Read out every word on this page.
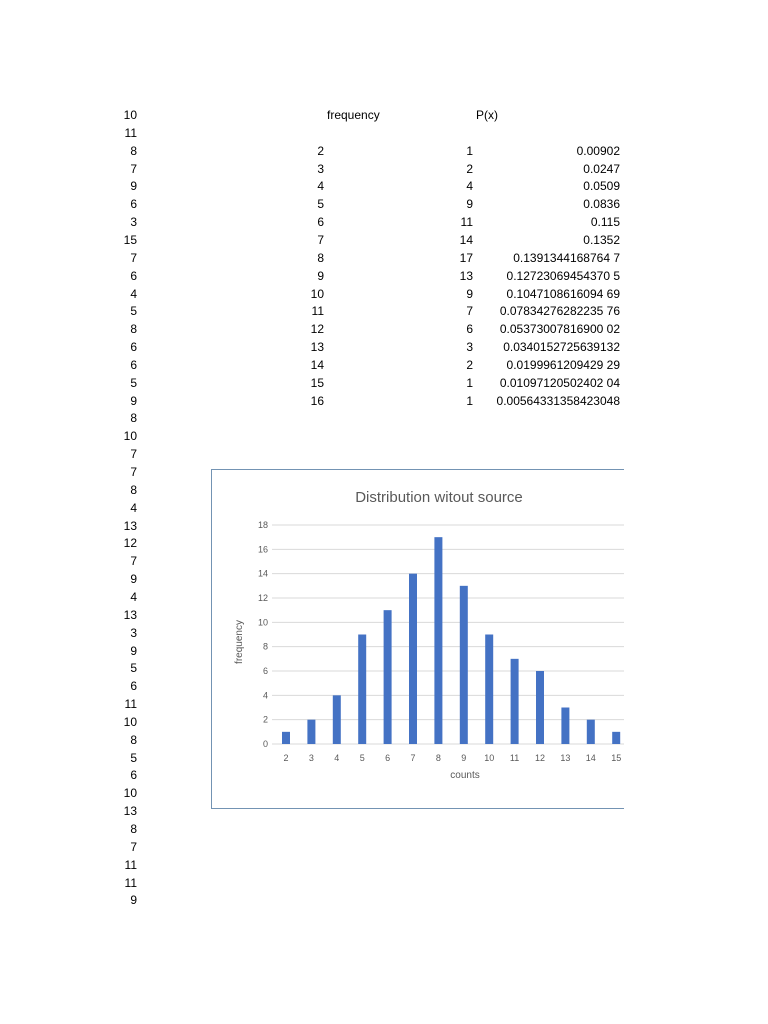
10
11
8
7
9
6
3
15
7
6
4
5
8
6
6
5
9
8
10
7
7
8
4
13
12
7
9
4
13
3
9
5
6
11
10
8
5
6
10
13
8
7
11
11
9
frequency	P(x)
2	1	0.00902
3	2	0.0247
4	4	0.0509
5	9	0.0836
6	11	0.115
7	14	0.1352
8	17	0.1391344168764 7
9	13	0.12723069454370 5
10	9	0.1047108616094 69
11	7 0.07834276282235 76
12	6 0.05373007816900 02
13	3	0.0340152725639132
14	2	0.0199961209429 29
15	1 0.01097120502402 04
16	1 0.00564331358423048
Distribution witout source
0
2
4
6
8
10
12
14
16
18
2 3 4 5 6 7 8 9 10 11 12 13 14 15
counts
frequency
